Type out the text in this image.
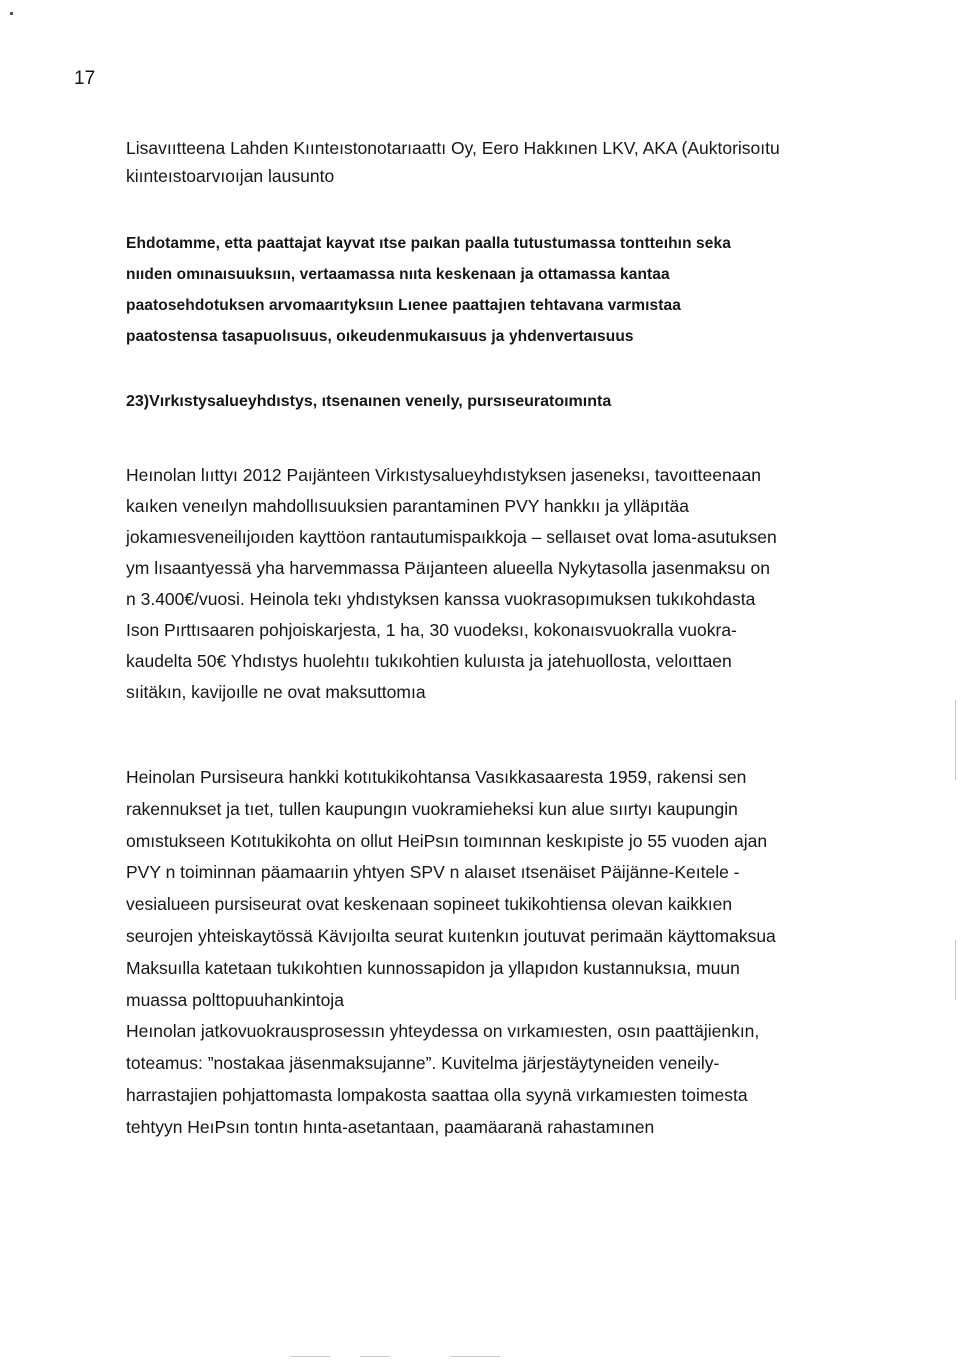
17
Lisavııtteena Lahden Kıınteıstonotarıaattı Oy, Eero Hakkınen LKV, AKA (Auktorisoıtu
kiınteıstoarvıoıjan lausunto
Ehdotamme, etta paattajat kayvat ıtse paıkan paalla tutustumassa tontteıhın seka
nııden omınaısuuksıın, vertaamassa nııta keskenaan ja ottamassa kantaa
paatosehdotuksen arvomaarıtyksıın Lıenee paattajıen tehtavana varmıstaa
paatostensa tasapuolısuus, oıkeudenmukaısuus ja yhdenvertaısuus
23)Vırkıstysalueyhdıstys, ıtsenaınen veneıly, pursıseuratoımınta
Heınolan lııttyı 2012 Paıjänteen Virkıstysalueyhdıstyksen jaseneksı, tavoıtteenaan
kaıken veneılyn mahdollısuuksien parantaminen PVY hankkıı ja ylläpıtäa
jokamıesveneilıjoıden kayttöon rantautumispaıkkoja – sellaıset ovat loma-asutuksen
ym lısaantyessä yha harvemmassa Päıjanteen alueella Nykytasolla jasenmaksu on
n 3.400€/vuosi. Heinola tekı yhdıstyksen kanssa vuokrasopımuksen tukıkohdasta
Ison Pırttısaaren pohjoiskarjesta, 1 ha, 30 vuodeksı, kokonaısvuokralla vuokra-
kaudelta 50€ Yhdıstys huolehtıı tukıkohtien kuluısta ja jatehuollosta, veloıttaen
sıitäkın, kavijoılle ne ovat maksuttomıa
Heinolan Pursiseura hankki kotıtukikohtansa Vasıkkasaaresta 1959, rakensi sen
rakennukset ja tıet, tullen kaupungın vuokramieheksi kun alue sıırtyı kaupungin
omıstukseen Kotıtukikohta on ollut HeiPsın toımınnan keskıpiste jo 55 vuoden ajan
PVY n toiminnan päamaarıin yhtyen SPV n alaıset ıtsenäiset Päijänne-Keıtele -
vesialueen pursiseurat ovat keskenaan sopineet tukikohtiensa olevan kaikkıen
seurojen yhteiskaytössä Kävıjoılta seurat kuıtenkın joutuvat perimaän käyttomaksua
Maksuılla katetaan tukıkohtıen kunnossapidon ja yllapıdon kustannuksıa, muun
muassa polttopuuhankintoja
Heınolan jatkovuokrausprosessın yhteydessa on vırkamıesten, osın paattäjienkın,
toteamus: ”nostakaa jäsenmaksujanne”. Kuvitelma järjestäytyneiden veneily-
harrastajien pohjattomasta lompakosta saattaa olla syynä vırkamıesten toimesta
tehtyyn HeıPsın tontın hınta-asetantaan, paamäaranä rahastamınen
